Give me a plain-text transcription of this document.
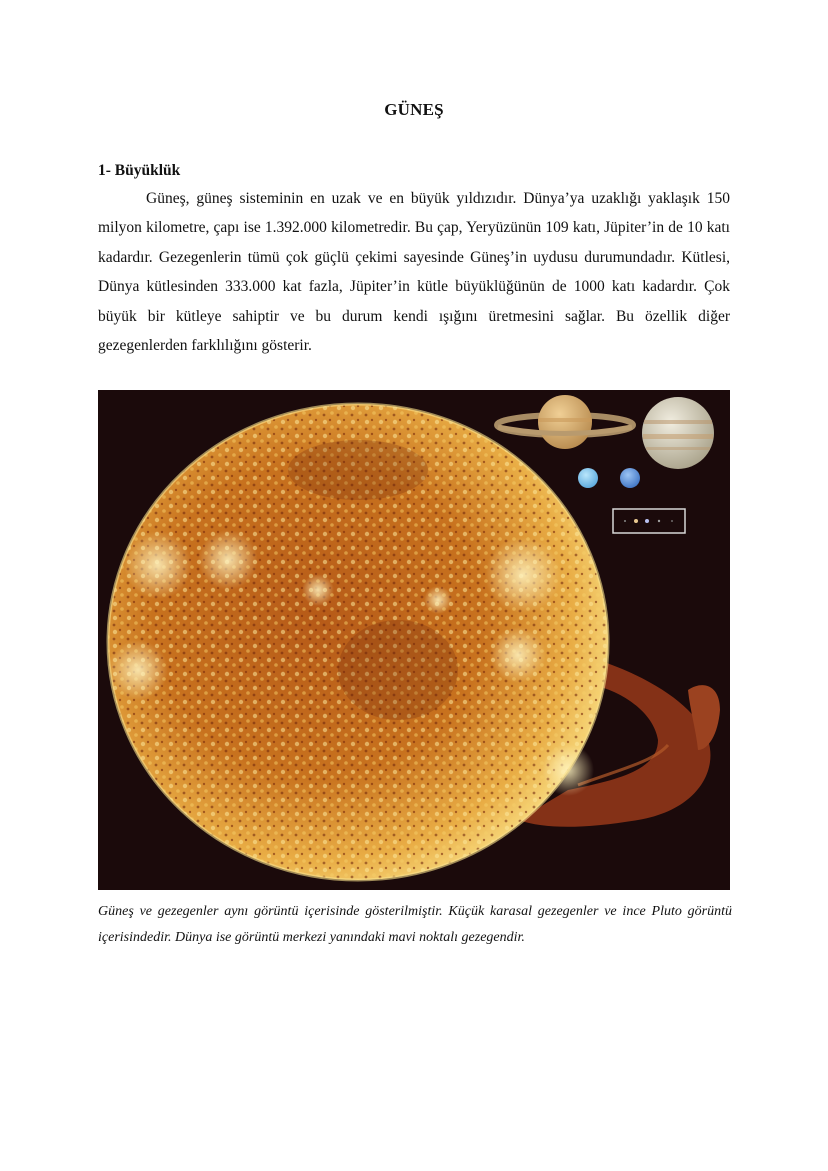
GÜNEŞ
1- Büyüklük

Güneş, güneş sisteminin en uzak ve en büyük yıldızıdır. Dünya’ya uzaklığı yaklaşık 150 milyon kilometre, çapı ise 1.392.000 kilometredir. Bu çap, Yeryüzünün 109 katı, Jüpiter’in de 10 katı kadardır. Gezegenlerin tümü çok güçlü çekimi sayesinde Güneş’in uydusu durumundadır. Kütlesi, Dünya kütlesinden 333.000 kat fazla, Jüpiter’in kütle büyüklüğünün de 1000 katı kadardır. Çok büyük bir kütleye sahiptir ve bu durum kendi ışığını üretmesini sağlar. Bu özellik diğer gezegenlerden farklılığını gösterir.

Güneş ve gezegenler aynı görüntü içerisinde gösterilmiştir. Küçük karasal gezegenler ve ince Pluto görüntü içerisindedir. Dünya ise görüntü merkezi yanındaki mavi noktalı gezegendir.
